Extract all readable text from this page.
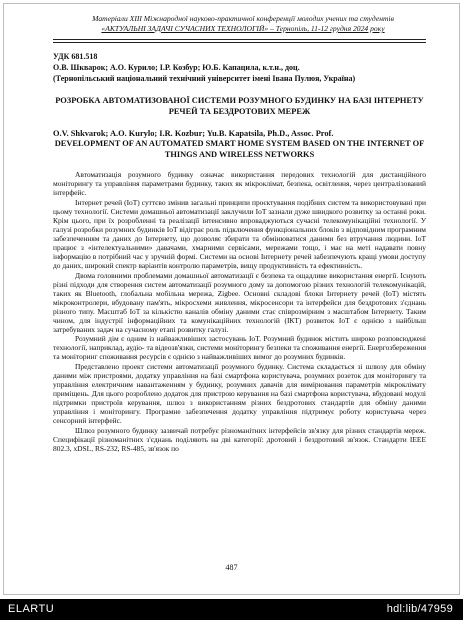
Матеріали XIII Міжнародної науково-практичної конференції молодих учених та студентів
«АКТУАЛЬНІ ЗАДАЧІ СУЧАСНИХ ТЕХНОЛОГІЙ» – Тернопіль, 11-12 грудня 2024 року
УДК 681.518
О.В. Шкварок; А.О. Курило; І.Р. Козбур; Ю.Б. Капацила, к.т.н., доц.
(Тернопільський національний технічний університет імені Івана Пулюя, Україна)
РОЗРОБКА АВТОМАТИЗОВАНОЇ СИСТЕМИ РОЗУМНОГО БУДИНКУ НА БАЗІ ІНТЕРНЕТУ РЕЧЕЙ ТА БЕЗДРОТОВИХ МЕРЕЖ
O.V. Shkvarok; A.O. Kurylo; I.R. Kozbur; Yu.B. Kapatsila, Ph.D., Assoc. Prof.
DEVELOPMENT OF AN AUTOMATED SMART HOME SYSTEM BASED ON THE INTERNET OF THINGS AND WIRELESS NETWORKS

Автоматизація розумного будинку означає використання передових технологій для дистанційного моніторингу та управління параметрами будинку, таких як мікроклімат, безпека, освітлення, через централізований інтерфейс.

Інтернет речей (IoT) суттєво змінив загальні принципи проєктування подібних систем та використовувані при цьому технології. Системи домашньої автоматизації заклучили IoT зазнали дуже швидкого розвитку за останні роки. Крім цього, при їх розробленні та реалізації інтенсивно впроваджуються сучасні телекомунікаційні технології. У галузі розробки розумних будинків IoT відіграє роль підключення функціональних блоків з відповідним програмним забезпеченням та даних до Інтернету, що дозволяє збирати та обмінюватися даними без втручання людини. IoT працює з «інтелектуальними» давачами, хмарними сервісами, мережами тощо, і має на меті надавати повну інформацію в потрібний час у зручній формі. Системи на основі Інтернету речей забезпечують кращі умови доступу до даних, широкий спектр варіантів контролю параметрів, вищу продуктивність та ефективність.

Двома головними проблемами домашньої автоматизації є безпека та ощадливе використання енергії. Існують різні підходи для створення систем автоматизації розумного дому за допомогою різних технологій телекомунікацій, таких як Bluetooth, глобальна мобільна мережа, Zigbee. Основні складові блоки Інтернету речей (IoT) містять мікроконтролери, вбудовану пам'ять, мікросхеми живлення, мікросенсори та інтерфейси для бездротових з'єднань різного типу. Масштаб IoT за кількістю каналів обміну даними стає співрозмірним з масштабом Інтернету. Таким чином, для індустрії інформаційних та комунікаційних технологій (ІКТ) розвиток IoT є однією з найбільш затребуваних задач на сучасному етапі розвитку галузі.

Розумний дім є одним із найважливіших застосувань IoT. Розумний будинок містить широко розповсюджені технології, наприклад, аудіо- та відеозв'язки, системи моніторингу безпеки та споживання енергії. Енергозбереження та моніторинг споживання ресурсів є однією з найважливіших вимог до розумних будинків.

Представлено проект системи автоматизації розумного будинку. Система складається зі шлюзу для обміну даними між пристроями, додатку управління на базі смартфона користувача, розумних розеток для моніторингу та управління електричним навантаженням у будинку, розумних давачів для вимірювання параметрів мікроклімату приміщень. Для цього розроблено додаток для пристрою керування на базі смартфона користувача, вбудовані модулі підтримки пристроїв керування, шлюз з використанням різних бездротових стандартів для обміну даними управління і моніторингу. Програмне забезпечення додатку управління підтримує роботу користувача через сенсорний інтерфейс.

Шлюз розумного будинку зазвичай потребує різноманітних інтерфейсів зв'язку для різних стандартів мереж. Специфікації різноманітних з'єднань поділяють на дві категорії: дротовий і бездротовий зв'язок. Стандарти IEEE 802.3, xDSL, RS-232, RS-485, зв'язок по

487
ELARTU	hdl:lib/47959
